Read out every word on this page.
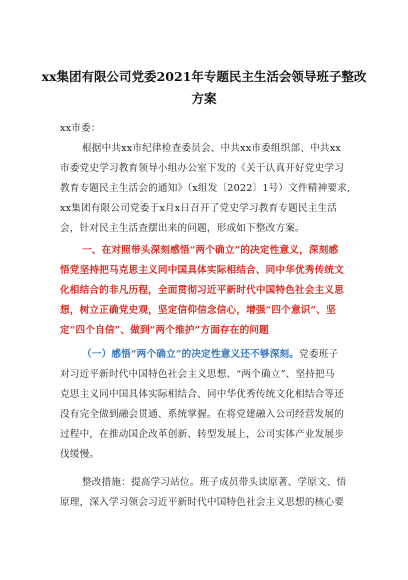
xx集团有限公司党委2021年专题民主生活会领导班子整改
方案
xx市委：
根据中共xx市纪律检查委员会、中共xx市委组织部、中共xx
市委党史学习教育领导小组办公室下发的《关于认真开好党史学习
教育专题民主生活会的通知》（x组发〔2022〕1号）文件精神要求,
xx集团有限公司党委于x月x日召开了党史学习教育专题民主生活
会，针对民主生活查摆出来的问题，形成如下整改方案。
一、在对照带头深刻感悟“两个确立”的决定性意义，深刻感
悟党坚持把马克思主义同中国具体实际相结合、同中华优秀传统文
化相结合的非凡历程，全面贯彻习近平新时代中国特色社会主义思
想，树立正确党史观，坚定信仰信念信心，增强“四个意识”、坚
定“四个自信”、做到“两个维护”方面存在的问题
（一）感悟“两个确立”的决定性意义还不够深刻。党委班子
对习近平新时代中国特色社会主义思想、“两个确立”、坚持把马
克思主义同中国具体实际相结合、同中华优秀传统文化相结合等还
没有完全做到融会贯通、系统掌握。在将党建融入公司经营发展的
过程中，在推动国企改革创新、转型发展上，公司实体产业发展步
伐缓慢。
整改措施：提高学习站位。班子成员带头读原著、学原文、悟
原理，深入学习领会习近平新时代中国特色社会主义思想的核心要
